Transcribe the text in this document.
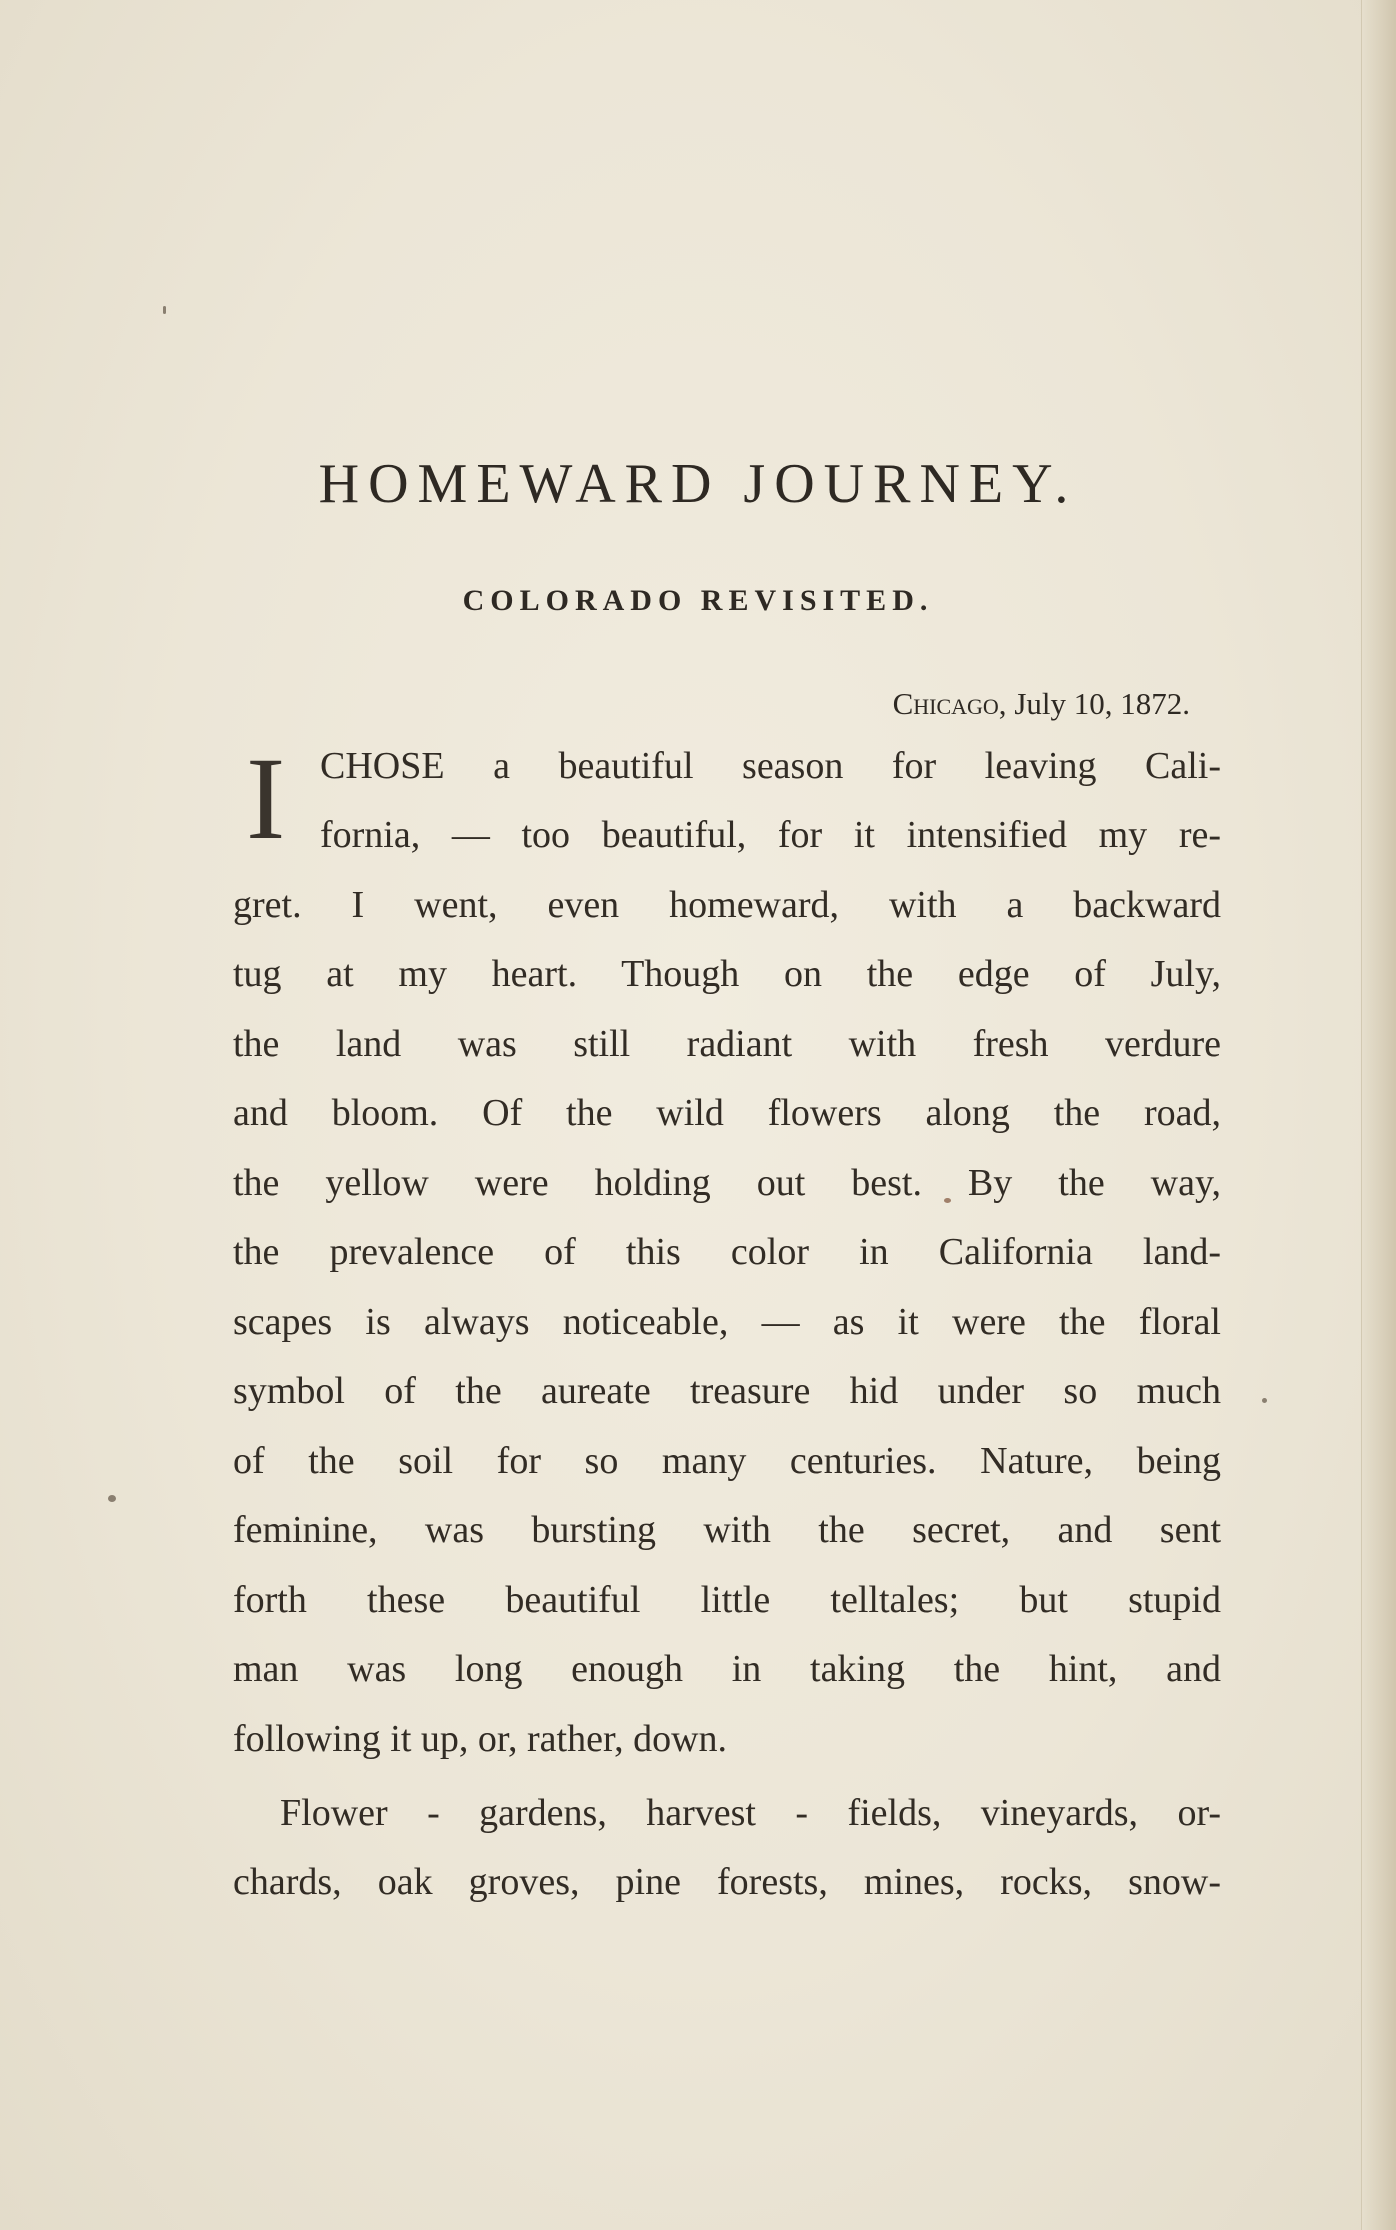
HOMEWARD JOURNEY.
COLORADO REVISITED.
Chicago, July 10, 1872.
I CHOSE a beautiful season for leaving Cali-
fornia, — too beautiful, for it intensified my re-
gret. I went, even homeward, with a backward
tug at my heart. Though on the edge of July,
the land was still radiant with fresh verdure
and bloom. Of the wild flowers along the road,
the yellow were holding out best. By the way,
the prevalence of this color in California land-
scapes is always noticeable, — as it were the floral
symbol of the aureate treasure hid under so much
of the soil for so many centuries. Nature, being
feminine, was bursting with the secret, and sent
forth these beautiful little telltales; but stupid
man was long enough in taking the hint, and
following it up, or, rather, down.
Flower - gardens, harvest - fields, vineyards, or-
chards, oak groves, pine forests, mines, rocks, snow-
